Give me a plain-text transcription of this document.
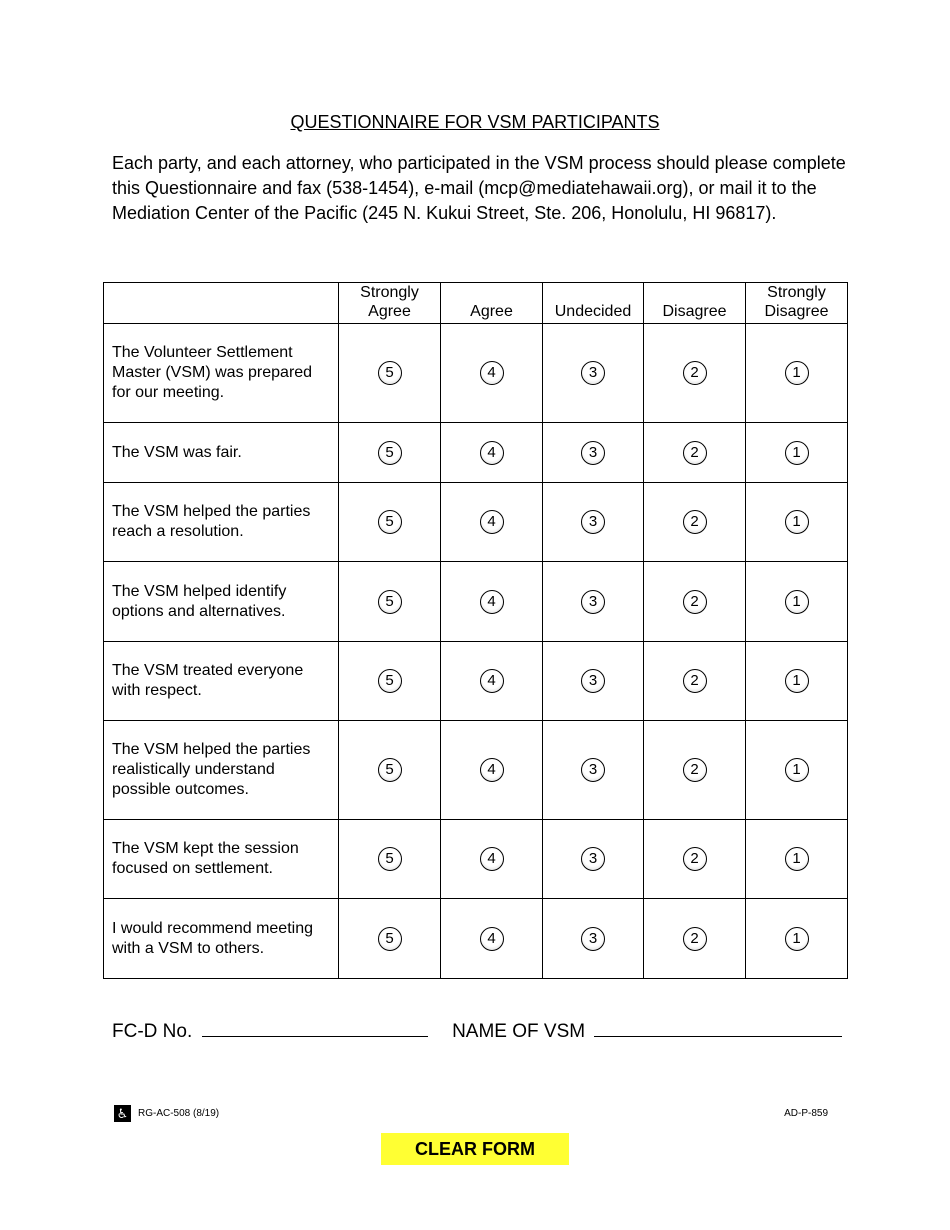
QUESTIONNAIRE FOR VSM PARTICIPANTS
Each party, and each attorney, who participated in the VSM process should please complete this Questionnaire and fax (538-1454), e-mail (mcp@mediatehawaii.org), or mail it to the Mediation Center of the Pacific (245 N. Kukui Street, Ste. 206, Honolulu, HI 96817).
	Strongly Agree	Agree	Undecided	Disagree	Strongly Disagree
The Volunteer Settlement Master (VSM) was prepared for our meeting.	5	4	3	2	1
The VSM was fair.	5	4	3	2	1
The VSM helped the parties reach a resolution.	5	4	3	2	1
The VSM helped identify options and alternatives.	5	4	3	2	1
The VSM treated everyone with respect.	5	4	3	2	1
The VSM helped the parties realistically understand possible outcomes.	5	4	3	2	1
The VSM kept the session focused on settlement.	5	4	3	2	1
I would recommend meeting with a VSM to others.	5	4	3	2	1
FC-D No.	NAME OF VSM
♿ RG-AC-508 (8/19)	AD-P-859
CLEAR FORM
